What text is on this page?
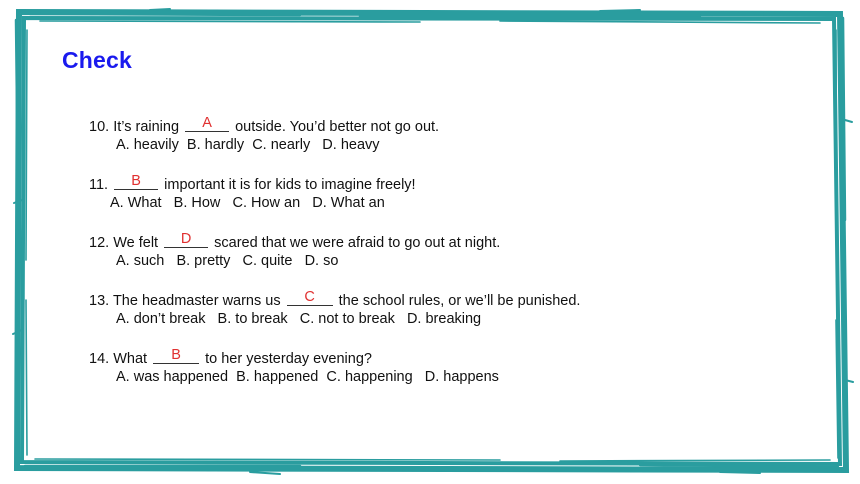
Check
10. It’s raining	A	outside. You’d better not go out.
A. heavily  B. hardly  C. nearly   D. heavy
11.	B	important it is for kids to imagine freely!
A. What   B. How   C. How an   D. What an
12. We felt	D	scared that we were afraid to go out at night.
A. such   B. pretty   C. quite   D. so
13. The headmaster warns us	C	the school rules, or we’ll be punished.
A. don’t break   B. to break   C. not to break   D. breaking
14. What	B	to her yesterday evening?
A. was happened  B. happened  C. happening   D. happens
